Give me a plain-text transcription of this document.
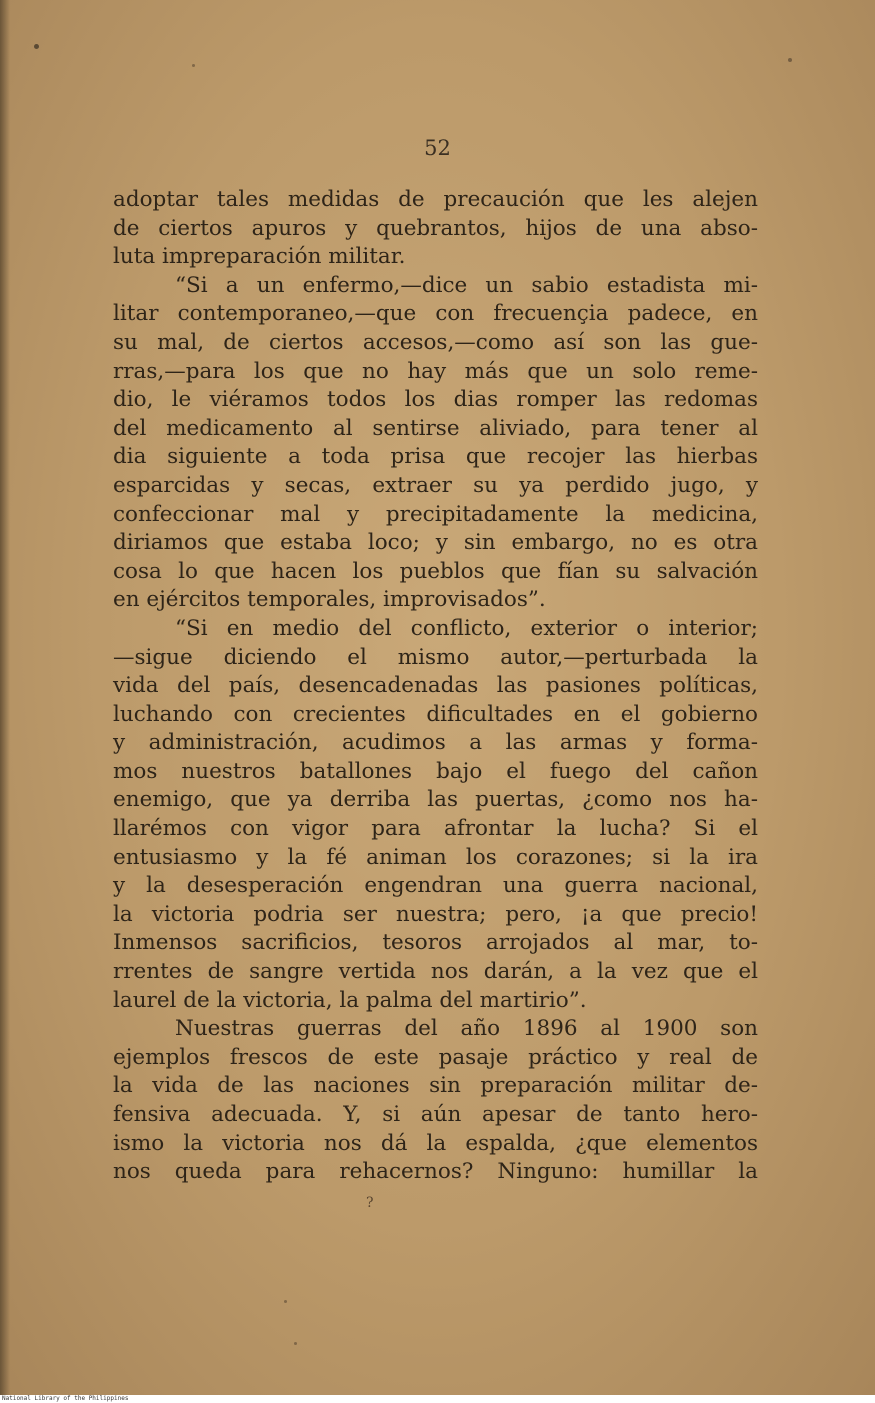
52
adoptar tales medidas de precaución que les alejen
de ciertos apuros y quebrantos, hijos de una abso-
luta impreparación militar.
“Si a un enfermo,—dice un sabio estadista mi-
litar contemporaneo,—que con frecuençia padece, en
su mal, de ciertos accesos,—como así son las gue-
rras,—para los que no hay más que un solo reme-
dio, le viéramos todos los dias romper las redomas
del medicamento al sentirse aliviado, para tener al
dia siguiente a toda prisa que recojer las hierbas
esparcidas y secas, extraer su ya perdido jugo, y
confeccionar mal y precipitadamente la medicina,
diriamos que estaba loco; y sin embargo, no es otra
cosa lo que hacen los pueblos que fían su salvación
en ejércitos temporales, improvisados”.
“Si en medio del conflicto, exterior o interior;
—sigue diciendo el mismo autor,—perturbada la
vida del país, desencadenadas las pasiones políticas,
luchando con crecientes dificultades en el gobierno
y administración, acudimos a las armas y forma-
mos nuestros batallones bajo el fuego del cañon
enemigo, que ya derriba las puertas, ¿como nos ha-
llarémos con vigor para afrontar la lucha? Si el
entusiasmo y la fé animan los corazones; si la ira
y la desesperación engendran una guerra nacional,
la victoria podria ser nuestra; pero, ¡a que precio!
Inmensos sacrificios, tesoros arrojados al mar, to-
rrentes de sangre vertida nos darán, a la vez que el
laurel de la victoria, la palma del martirio”.
Nuestras guerras del año 1896 al 1900 son
ejemplos frescos de este pasaje práctico y real de
la vida de las naciones sin preparación militar de-
fensiva adecuada. Y, si aún apesar de tanto hero-
ismo la victoria nos dá la espalda, ¿que elementos
nos queda para rehacernos? Ninguno: humillar la
?
National Library of the Philippines
